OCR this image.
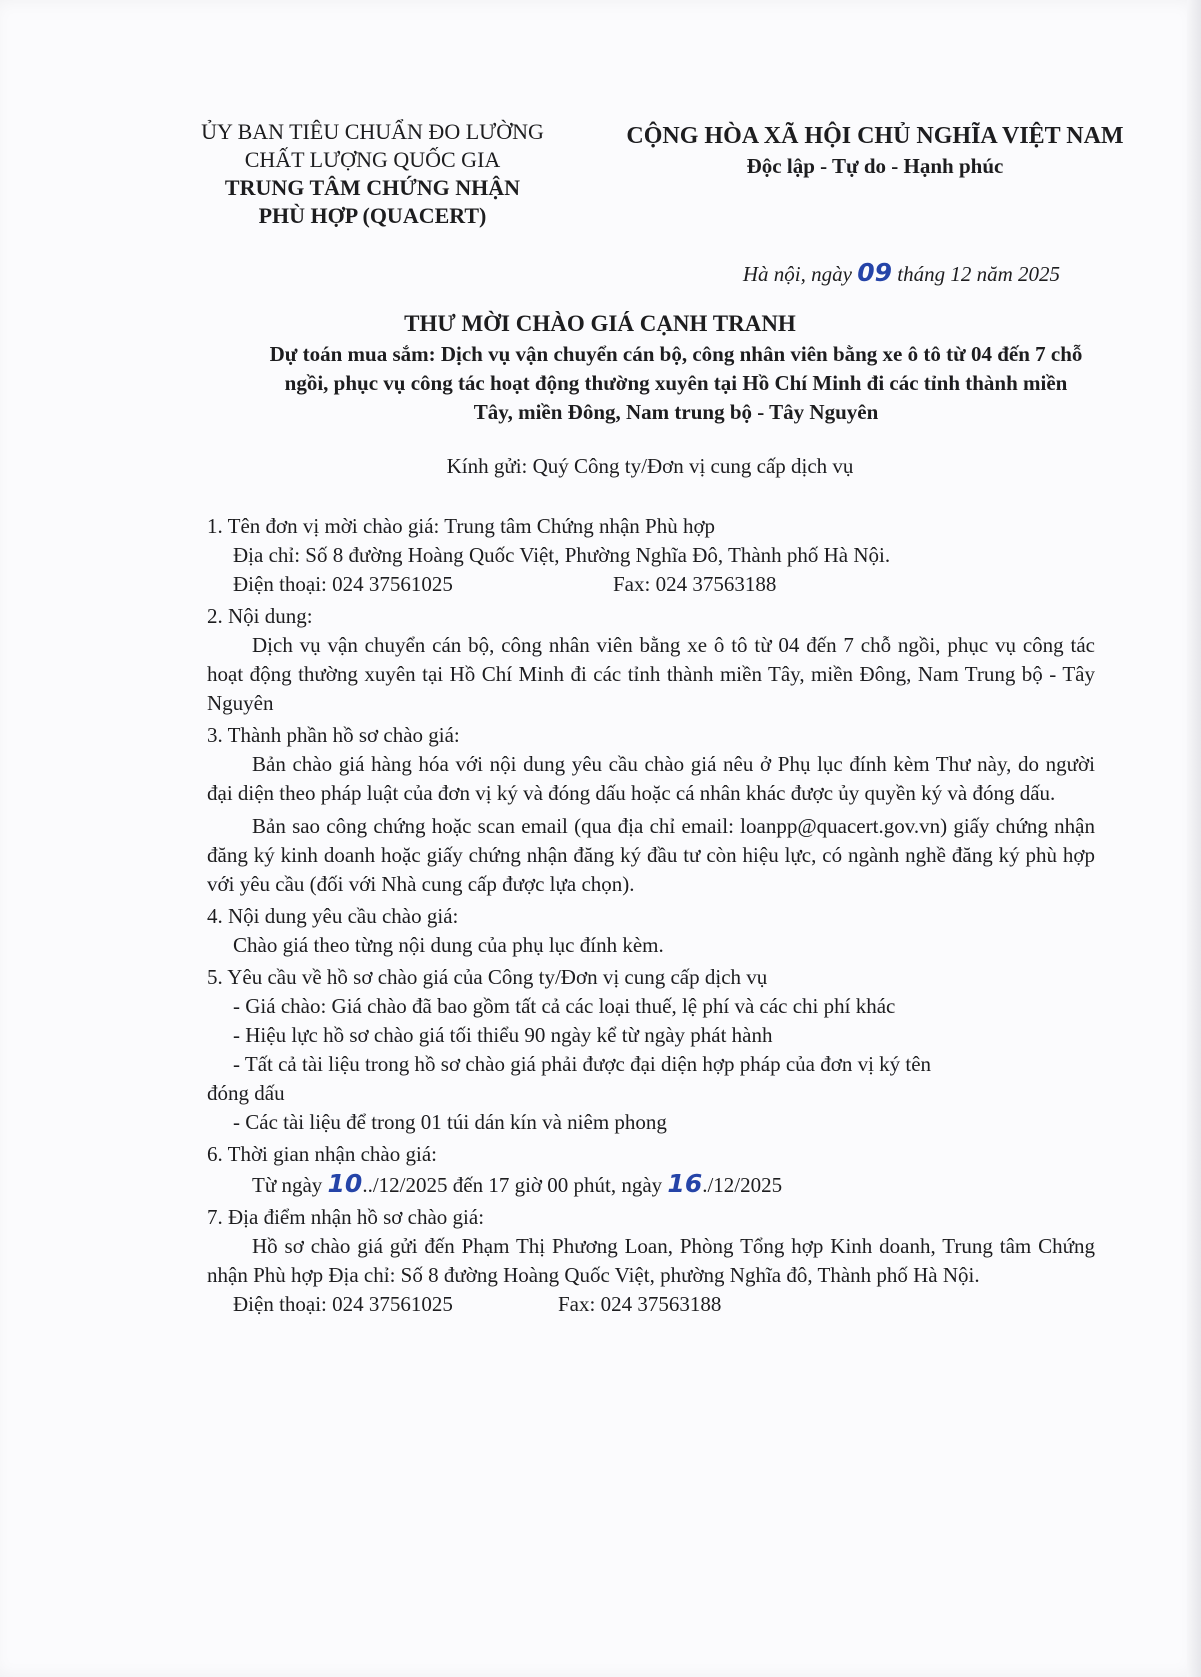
ỦY BAN TIÊU CHUẨN ĐO LƯỜNG
CHẤT LƯỢNG QUỐC GIA
TRUNG TÂM CHỨNG NHẬN
PHÙ HỢP (QUACERT)
CỘNG HÒA XÃ HỘI CHỦ NGHĨA VIỆT NAM
Độc lập - Tự do - Hạnh phúc
Hà nội, ngày 09 tháng 12 năm 2025
THƯ MỜI CHÀO GIÁ CẠNH TRANH
Dự toán mua sắm: Dịch vụ vận chuyển cán bộ, công nhân viên bằng xe ô tô từ 04 đến 7 chỗ ngồi, phục vụ công tác hoạt động thường xuyên tại Hồ Chí Minh đi các tỉnh thành miền Tây, miền Đông, Nam trung bộ - Tây Nguyên
Kính gửi: Quý Công ty/Đơn vị cung cấp dịch vụ

1. Tên đơn vị mời chào giá: Trung tâm Chứng nhận Phù hợp

Địa chỉ: Số 8 đường Hoàng Quốc Việt, Phường Nghĩa Đô, Thành phố Hà Nội.

Điện thoại: 024 37561025	Fax: 024 37563188

2. Nội dung:

Dịch vụ vận chuyển cán bộ, công nhân viên bằng xe ô tô từ 04 đến 7 chỗ ngồi, phục vụ công tác hoạt động thường xuyên tại Hồ Chí Minh đi các tỉnh thành miền Tây, miền Đông, Nam Trung bộ - Tây Nguyên

3. Thành phần hồ sơ chào giá:

Bản chào giá hàng hóa với nội dung yêu cầu chào giá nêu ở Phụ lục đính kèm Thư này, do người đại diện theo pháp luật của đơn vị ký và đóng dấu hoặc cá nhân khác được ủy quyền ký và đóng dấu.

Bản sao công chứng hoặc scan email (qua địa chỉ email: loanpp@quacert.gov.vn) giấy chứng nhận đăng ký kinh doanh hoặc giấy chứng nhận đăng ký đầu tư còn hiệu lực, có ngành nghề đăng ký phù hợp với yêu cầu (đối với Nhà cung cấp được lựa chọn).

4. Nội dung yêu cầu chào giá:

Chào giá theo từng nội dung của phụ lục đính kèm.

5. Yêu cầu về hồ sơ chào giá của Công ty/Đơn vị cung cấp dịch vụ

- Giá chào: Giá chào đã bao gồm tất cả các loại thuế, lệ phí và các chi phí khác

- Hiệu lực hồ sơ chào giá tối thiểu 90 ngày kể từ ngày phát hành

- Tất cả tài liệu trong hồ sơ chào giá phải được đại diện hợp pháp của đơn vị ký tên

đóng dấu

- Các tài liệu để trong 01 túi dán kín và niêm phong

6. Thời gian nhận chào giá:

Từ ngày 10../12/2025 đến 17 giờ 00 phút, ngày 16./12/2025

7. Địa điểm nhận hồ sơ chào giá:

Hồ sơ chào giá gửi đến Phạm Thị Phương Loan, Phòng Tổng hợp Kinh doanh, Trung tâm Chứng nhận Phù hợp Địa chỉ: Số 8 đường Hoàng Quốc Việt, phường Nghĩa đô, Thành phố Hà Nội.

Điện thoại: 024 37561025	Fax: 024 37563188
